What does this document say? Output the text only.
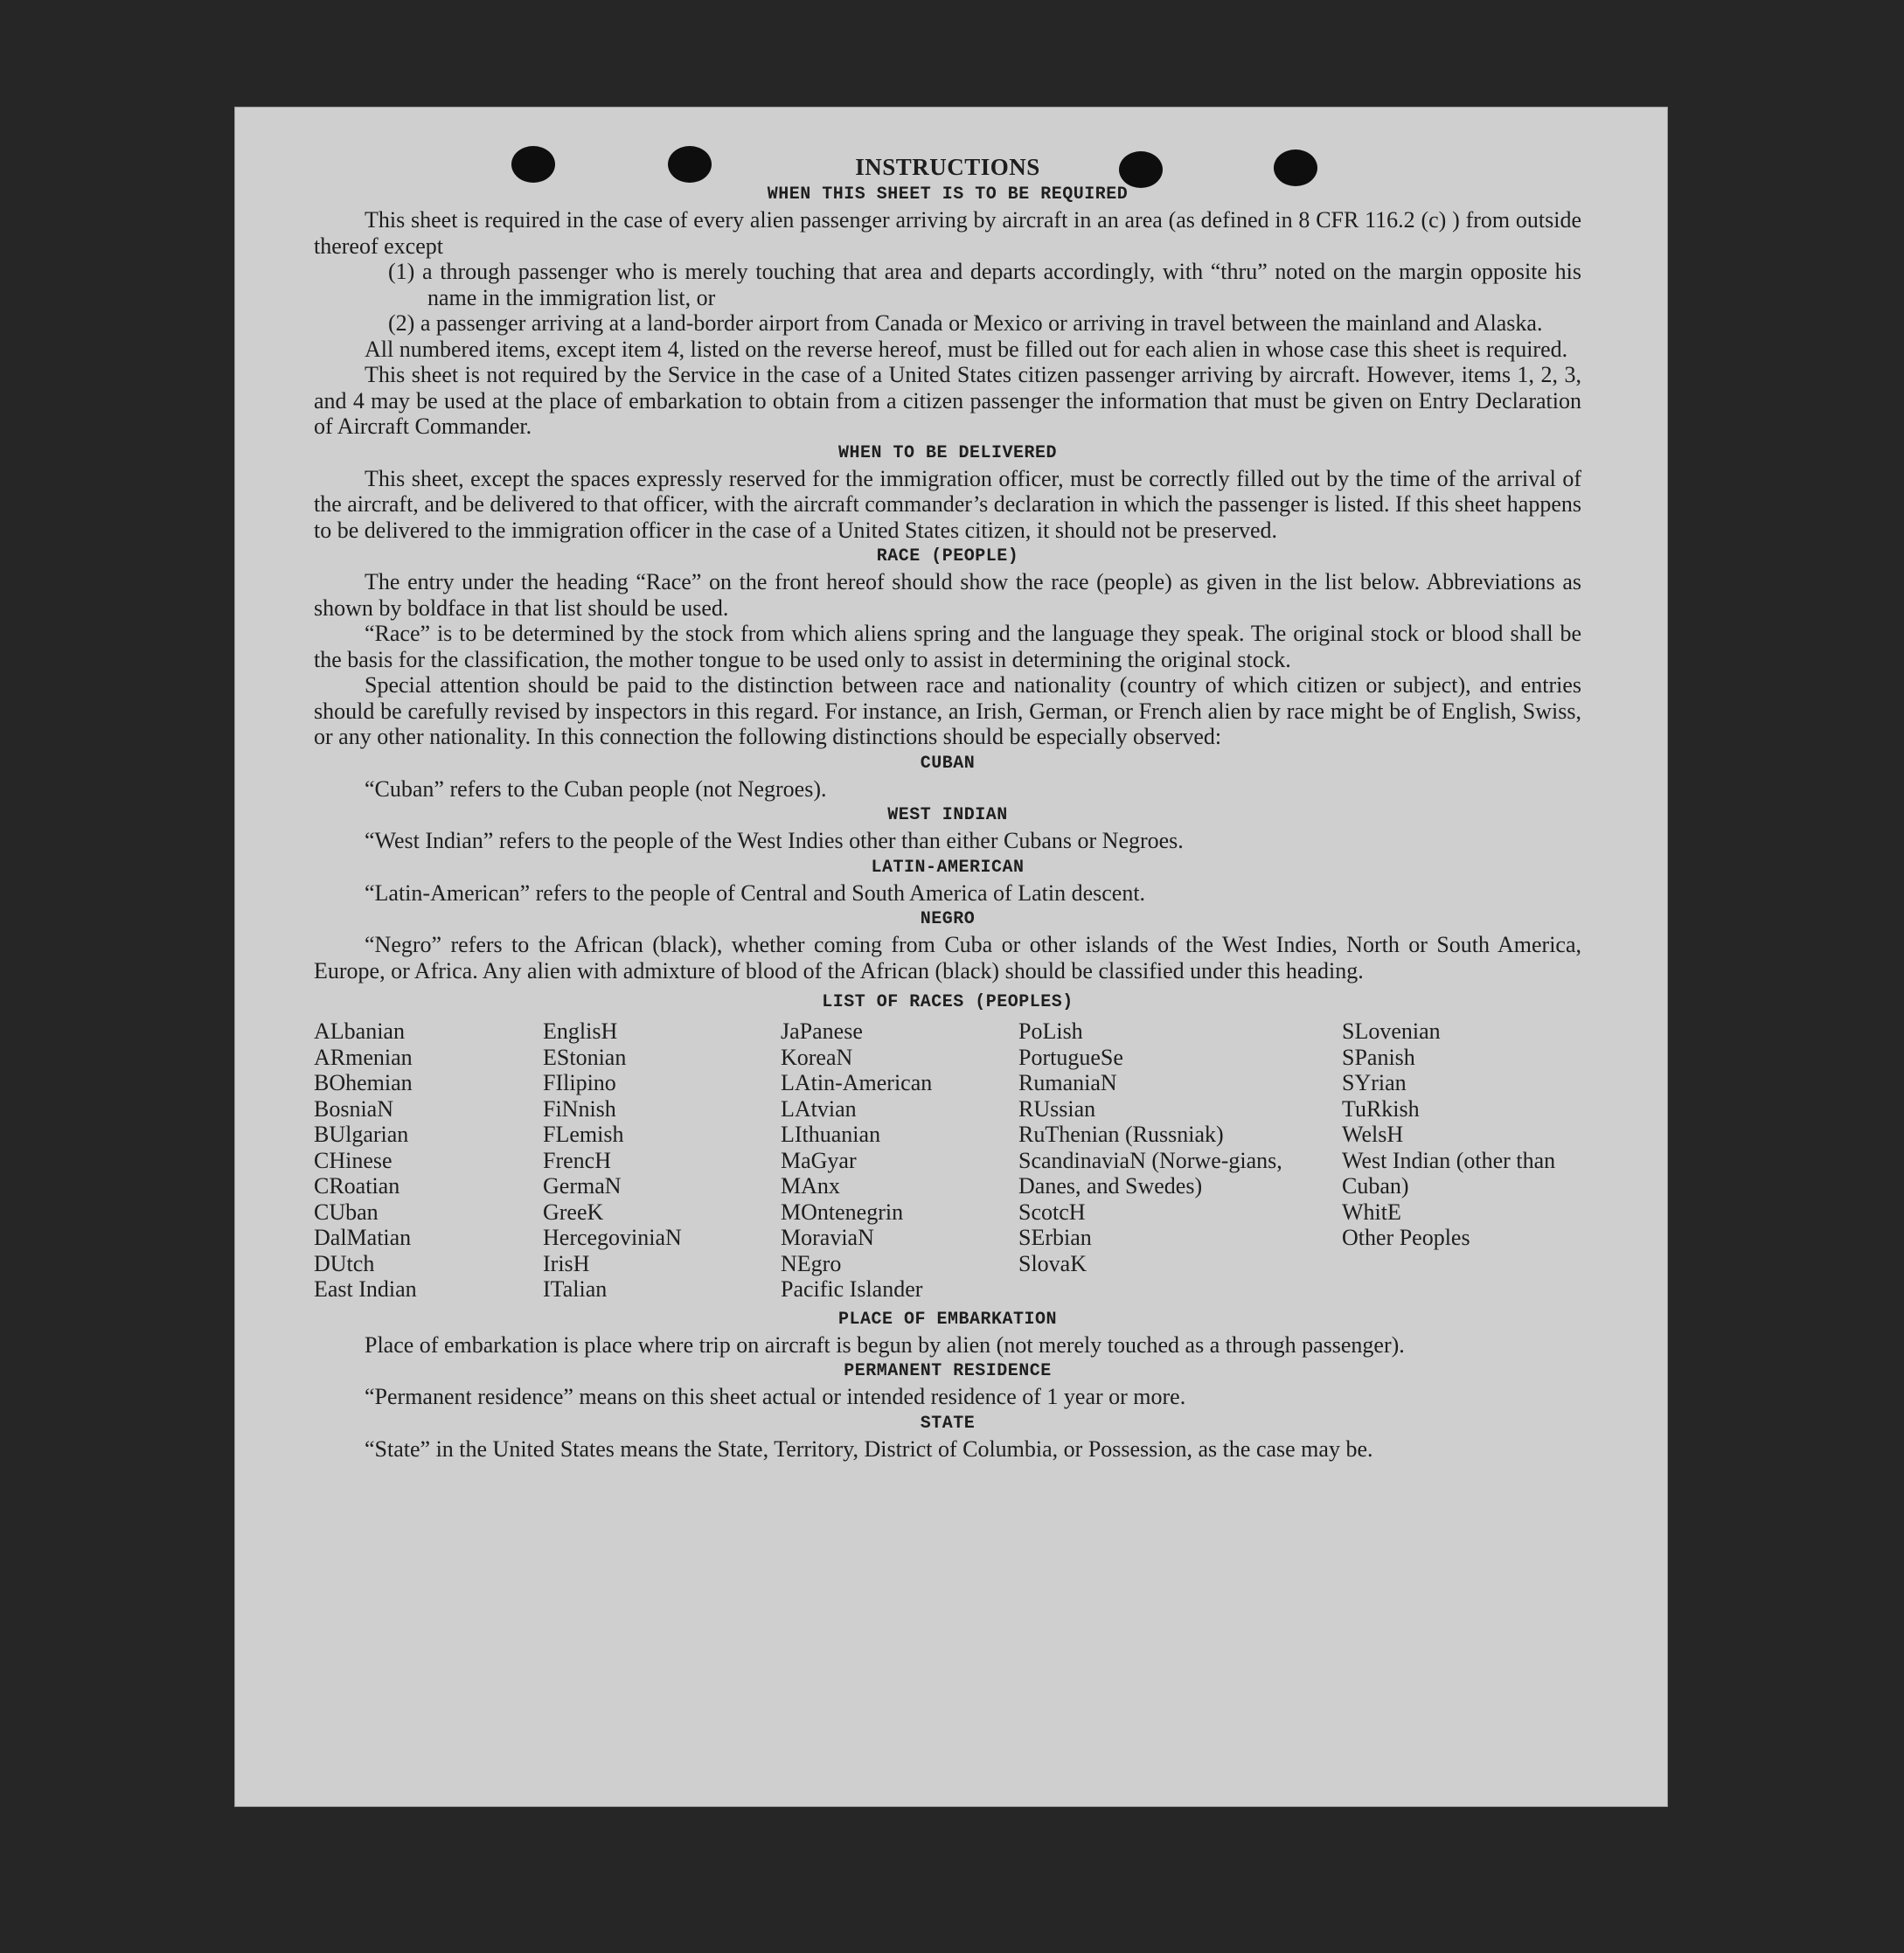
INSTRUCTIONS
WHEN THIS SHEET IS TO BE REQUIRED

This sheet is required in the case of every alien passenger arriving by aircraft in an area (as defined in 8 CFR 116.2 (c) ) from outside thereof except

(1) a through passenger who is merely touching that area and departs accordingly, with “thru” noted on the margin opposite his name in the immigration list, or

(2) a passenger arriving at a land-border airport from Canada or Mexico or arriving in travel between the mainland and Alaska.

All numbered items, except item 4, listed on the reverse hereof, must be filled out for each alien in whose case this sheet is required.

This sheet is not required by the Service in the case of a United States citizen passenger arriving by aircraft. However, items 1, 2, 3, and 4 may be used at the place of embarkation to obtain from a citizen passenger the information that must be given on Entry Declaration of Aircraft Commander.

WHEN TO BE DELIVERED

This sheet, except the spaces expressly reserved for the immigration officer, must be correctly filled out by the time of the arrival of the aircraft, and be delivered to that officer, with the aircraft commander’s declaration in which the passenger is listed. If this sheet happens to be delivered to the immigration officer in the case of a United States citizen, it should not be preserved.

RACE (PEOPLE)

The entry under the heading “Race” on the front hereof should show the race (people) as given in the list below. Abbreviations as shown by boldface in that list should be used.

“Race” is to be determined by the stock from which aliens spring and the language they speak. The original stock or blood shall be the basis for the classification, the mother tongue to be used only to assist in determining the original stock.

Special attention should be paid to the distinction between race and nationality (country of which citizen or subject), and entries should be carefully revised by inspectors in this regard. For instance, an Irish, German, or French alien by race might be of English, Swiss, or any other nationality. In this connection the following distinctions should be especially observed:

CUBAN

“Cuban” refers to the Cuban people (not Negroes).

WEST INDIAN

“West Indian” refers to the people of the West Indies other than either Cubans or Negroes.

LATIN-AMERICAN

“Latin-American” refers to the people of Central and South America of Latin descent.

NEGRO

“Negro” refers to the African (black), whether coming from Cuba or other islands of the West Indies, North or South America, Europe, or Africa. Any alien with admixture of blood of the African (black) should be classified under this heading.

LIST OF RACES (PEOPLES)
ALbanian
ARmenian
BOhemian
BosniaN
BUlgarian
CHinese
CRoatian
CUban
DalMatian
DUtch
East Indian
EnglisH
EStonian
FIlipino
FiNnish
FLemish
FrencH
GermaN
GreeK
HercegovinіaN
IrisH
ITalian
JaPanese
KoreaN
LAtin-American
LAtvian
LIthuanian
MaGyar
MAnx
MOntenegrin
MoraviaN
NEgro
Pacific Islander
PoLish
PortugueSe
RumaniaN
RUssian
RuThenian (Russniak)
ScandinaviaN (Norwe-gians, Danes, and Swedes)
ScotcH
SErbian
SlovaK
SLovenian
SPanish
SYrian
TuRkish
WelsH
West Indian (other than Cuban)
WhitE
Other Peoples
PLACE OF EMBARKATION

Place of embarkation is place where trip on aircraft is begun by alien (not merely touched as a through passenger).

PERMANENT RESIDENCE

“Permanent residence” means on this sheet actual or intended residence of 1 year or more.

STATE

“State” in the United States means the State, Territory, District of Columbia, or Possession, as the case may be.
